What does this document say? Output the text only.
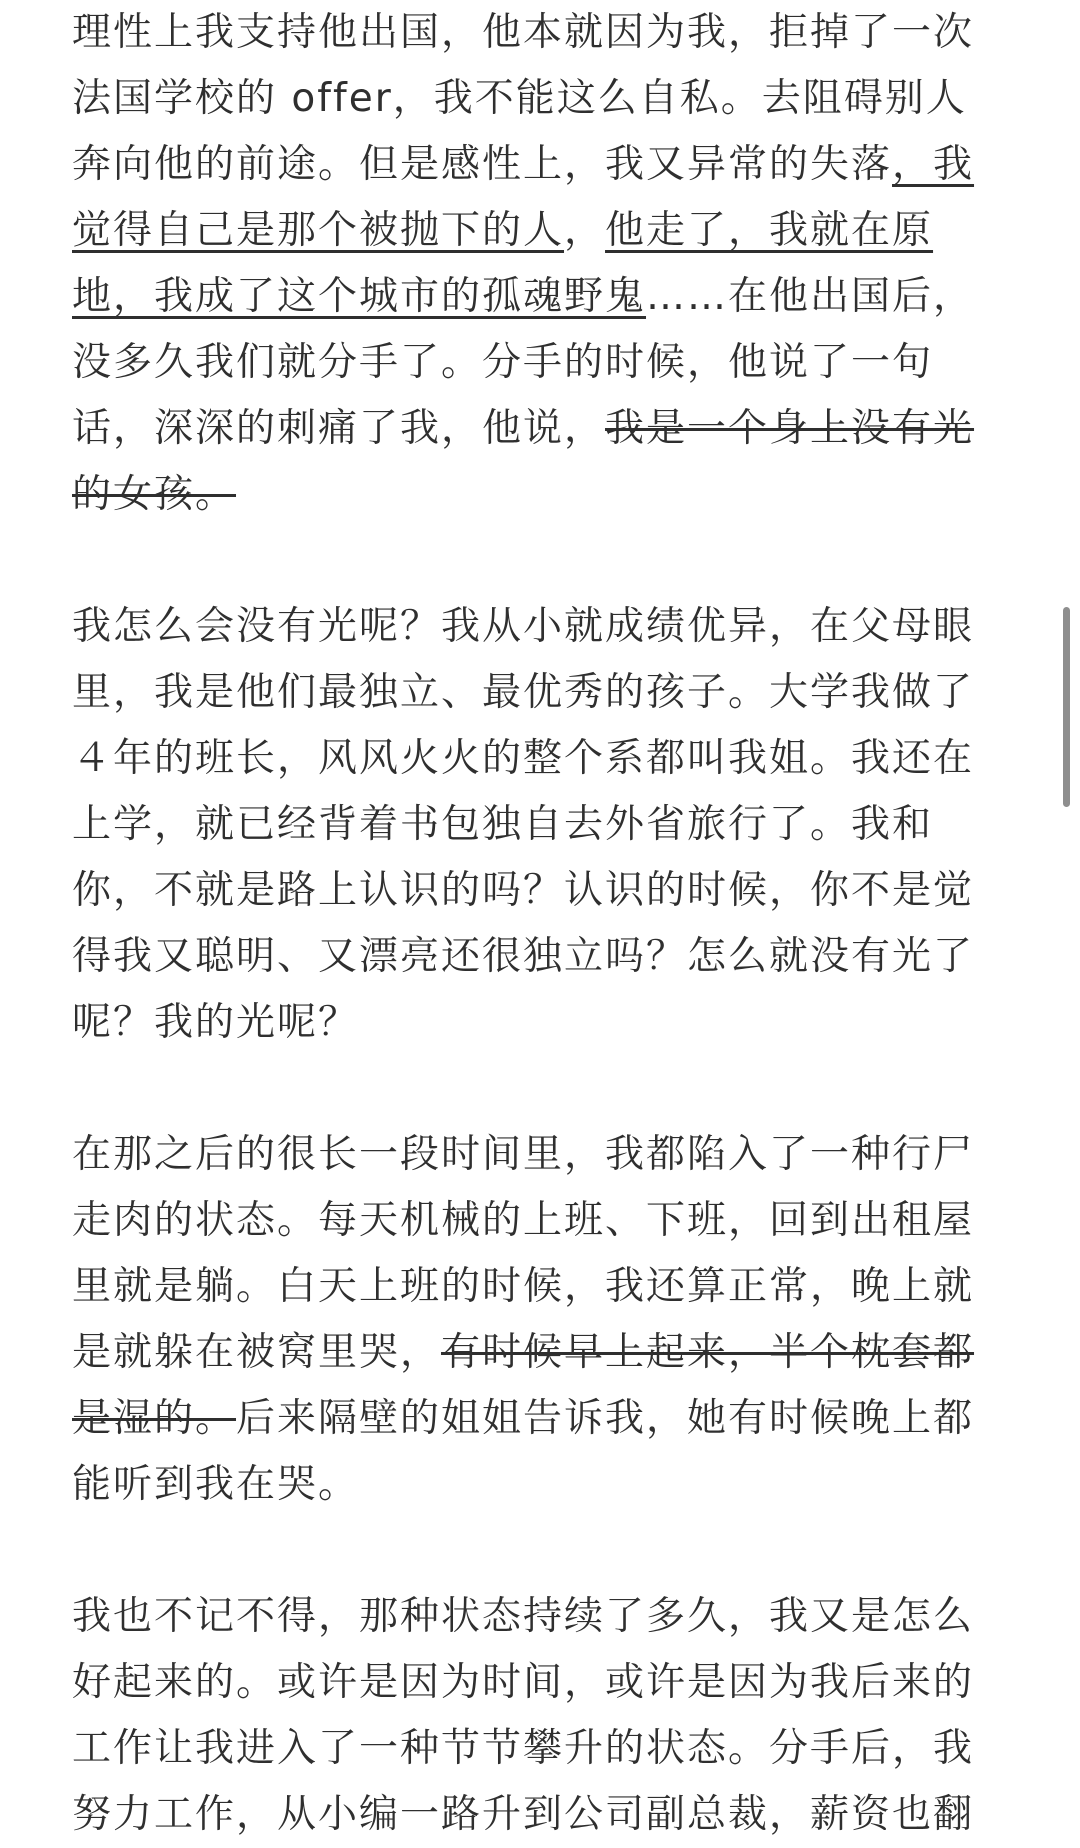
理性上我支持他出国，他本就因为我，拒掉了一次
法国学校的 offer，我不能这么自私。去阻碍别人
奔向他的前途。但是感性上，我又异常的失落，我
觉得自己是那个被抛下的人，他走了，我就在原
地，我成了这个城市的孤魂野鬼……在他出国后，
没多久我们就分手了。分手的时候，他说了一句
话，深深的刺痛了我，他说，我是一个身上没有光
的女孩。
我怎么会没有光呢？我从小就成绩优异，在父母眼
里，我是他们最独立、最优秀的孩子。大学我做了
４年的班长，风风火火的整个系都叫我姐。我还在
上学，就已经背着书包独自去外省旅行了。我和
你，不就是路上认识的吗？认识的时候，你不是觉
得我又聪明、又漂亮还很独立吗？怎么就没有光了
呢？我的光呢？
在那之后的很长一段时间里，我都陷入了一种行尸
走肉的状态。每天机械的上班、下班，回到出租屋
里就是躺。白天上班的时候，我还算正常，晚上就
是就躲在被窝里哭，有时候早上起来，半个枕套都
是湿的。后来隔壁的姐姐告诉我，她有时候晚上都
能听到我在哭。
我也不记不得，那种状态持续了多久，我又是怎么
好起来的。或许是因为时间，或许是因为我后来的
工作让我进入了一种节节攀升的状态。分手后，我
努力工作，从小编一路升到公司副总裁，薪资也翻
